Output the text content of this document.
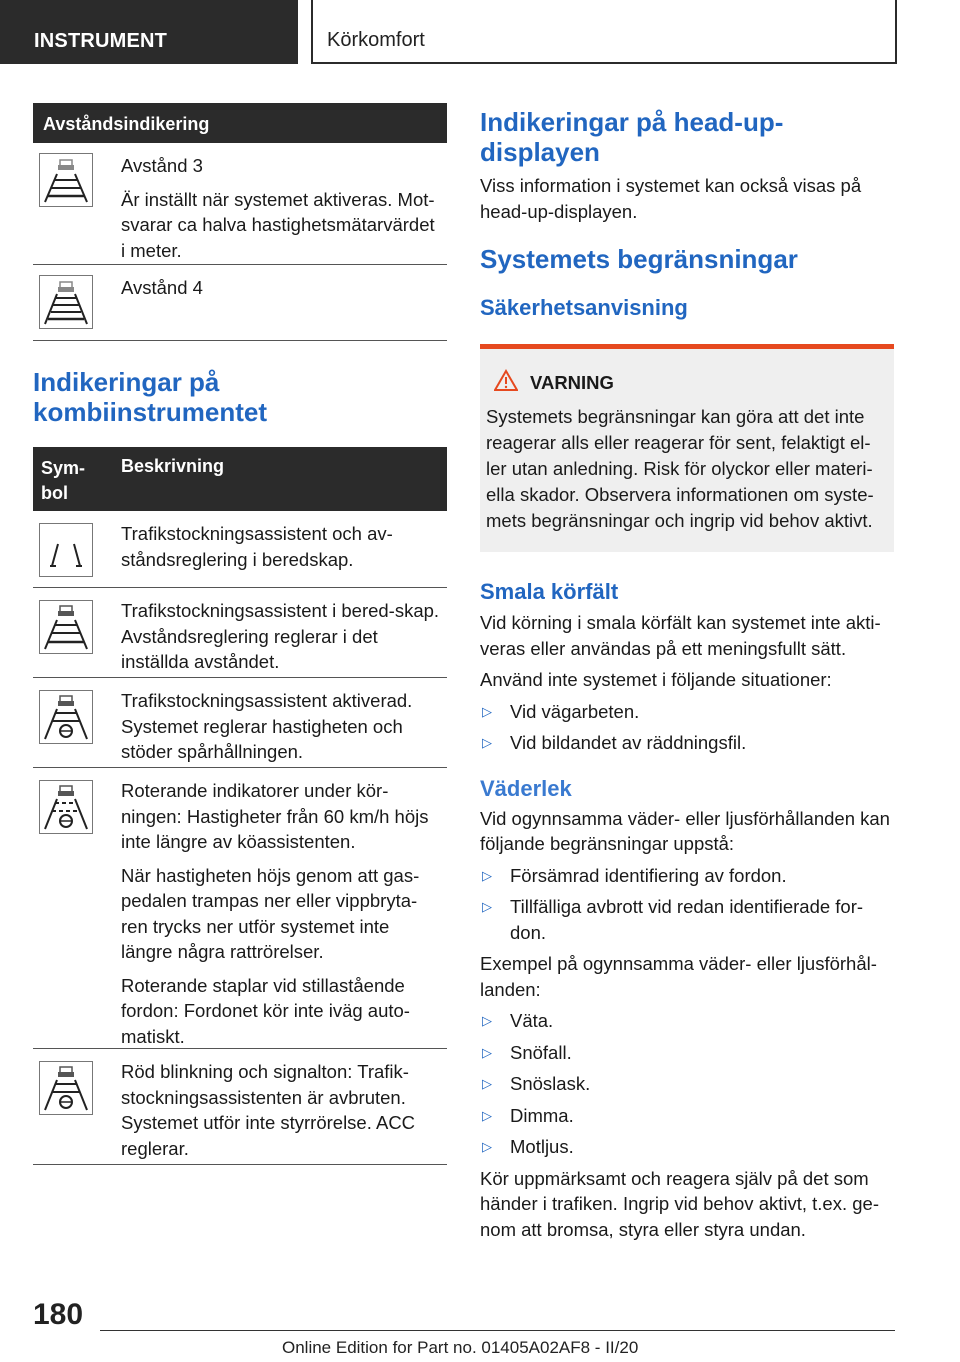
INSTRUMENT	Körkomfort
Avståndsindikering

Avstånd 3

Är inställt när systemet aktiveras. Mot-svarar ca halva hastighetsmätarvärdet i meter.

Avstånd 4

Indikeringar på kombiinstrumentet
Sym-bol
Beskrivning

Trafikstockningsassistent och av-ståndsreglering i beredskap.

Trafikstockningsassistent i bered-skap. Avståndsreglering reglerar i det inställda avståndet.

Trafikstockningsassistent aktiverad. Systemet reglerar hastigheten och stöder spårhållningen.

Roterande indikatorer under kör-ningen: Hastigheter från 60 km/h höjs inte längre av köassistenten.

När hastigheten höjs genom att gas-pedalen trampas ner eller vippbryta-ren trycks ner utför systemet inte längre några rattrörelser.

Roterande staplar vid stillastående fordon: Fordonet kör inte iväg auto-matiskt.

Röd blinkning och signalton: Trafik-stockningsassistenten är avbruten. Systemet utför inte styrrörelse. ACC reglerar.

Indikeringar på head-up-displayen

Viss information i systemet kan också visas på head-up-displayen.

Systemets begränsningar
Säkerhetsanvisning
VARNING

Systemets begränsningar kan göra att det inte reagerar alls eller reagerar för sent, felaktigt el-ler utan anledning. Risk för olyckor eller materi-ella skador. Observera informationen om syste-mets begränsningar och ingrip vid behov aktivt.

Smala körfält

Vid körning i smala körfält kan systemet inte akti-veras eller användas på ett meningsfullt sätt.

Använd inte systemet i följande situationer:

▷ Vid vägarbeten.
▷ Vid bildandet av räddningsfil.
Väderlek

Vid ogynnsamma väder- eller ljusförhållanden kan följande begränsningar uppstå:

▷ Försämrad identifiering av fordon.
▷ Tillfälliga avbrott vid redan identifierade for-don.

Exempel på ogynnsamma väder- eller ljusförhål-landen:

▷ Väta.
▷ Snöfall.
▷ Snöslask.
▷ Dimma.
▷ Motljus.

Kör uppmärksamt och reagera själv på det som händer i trafiken. Ingrip vid behov aktivt, t.ex. ge-nom att bromsa, styra eller styra undan.

180
Online Edition for Part no. 01405A02AF8 - II/20
